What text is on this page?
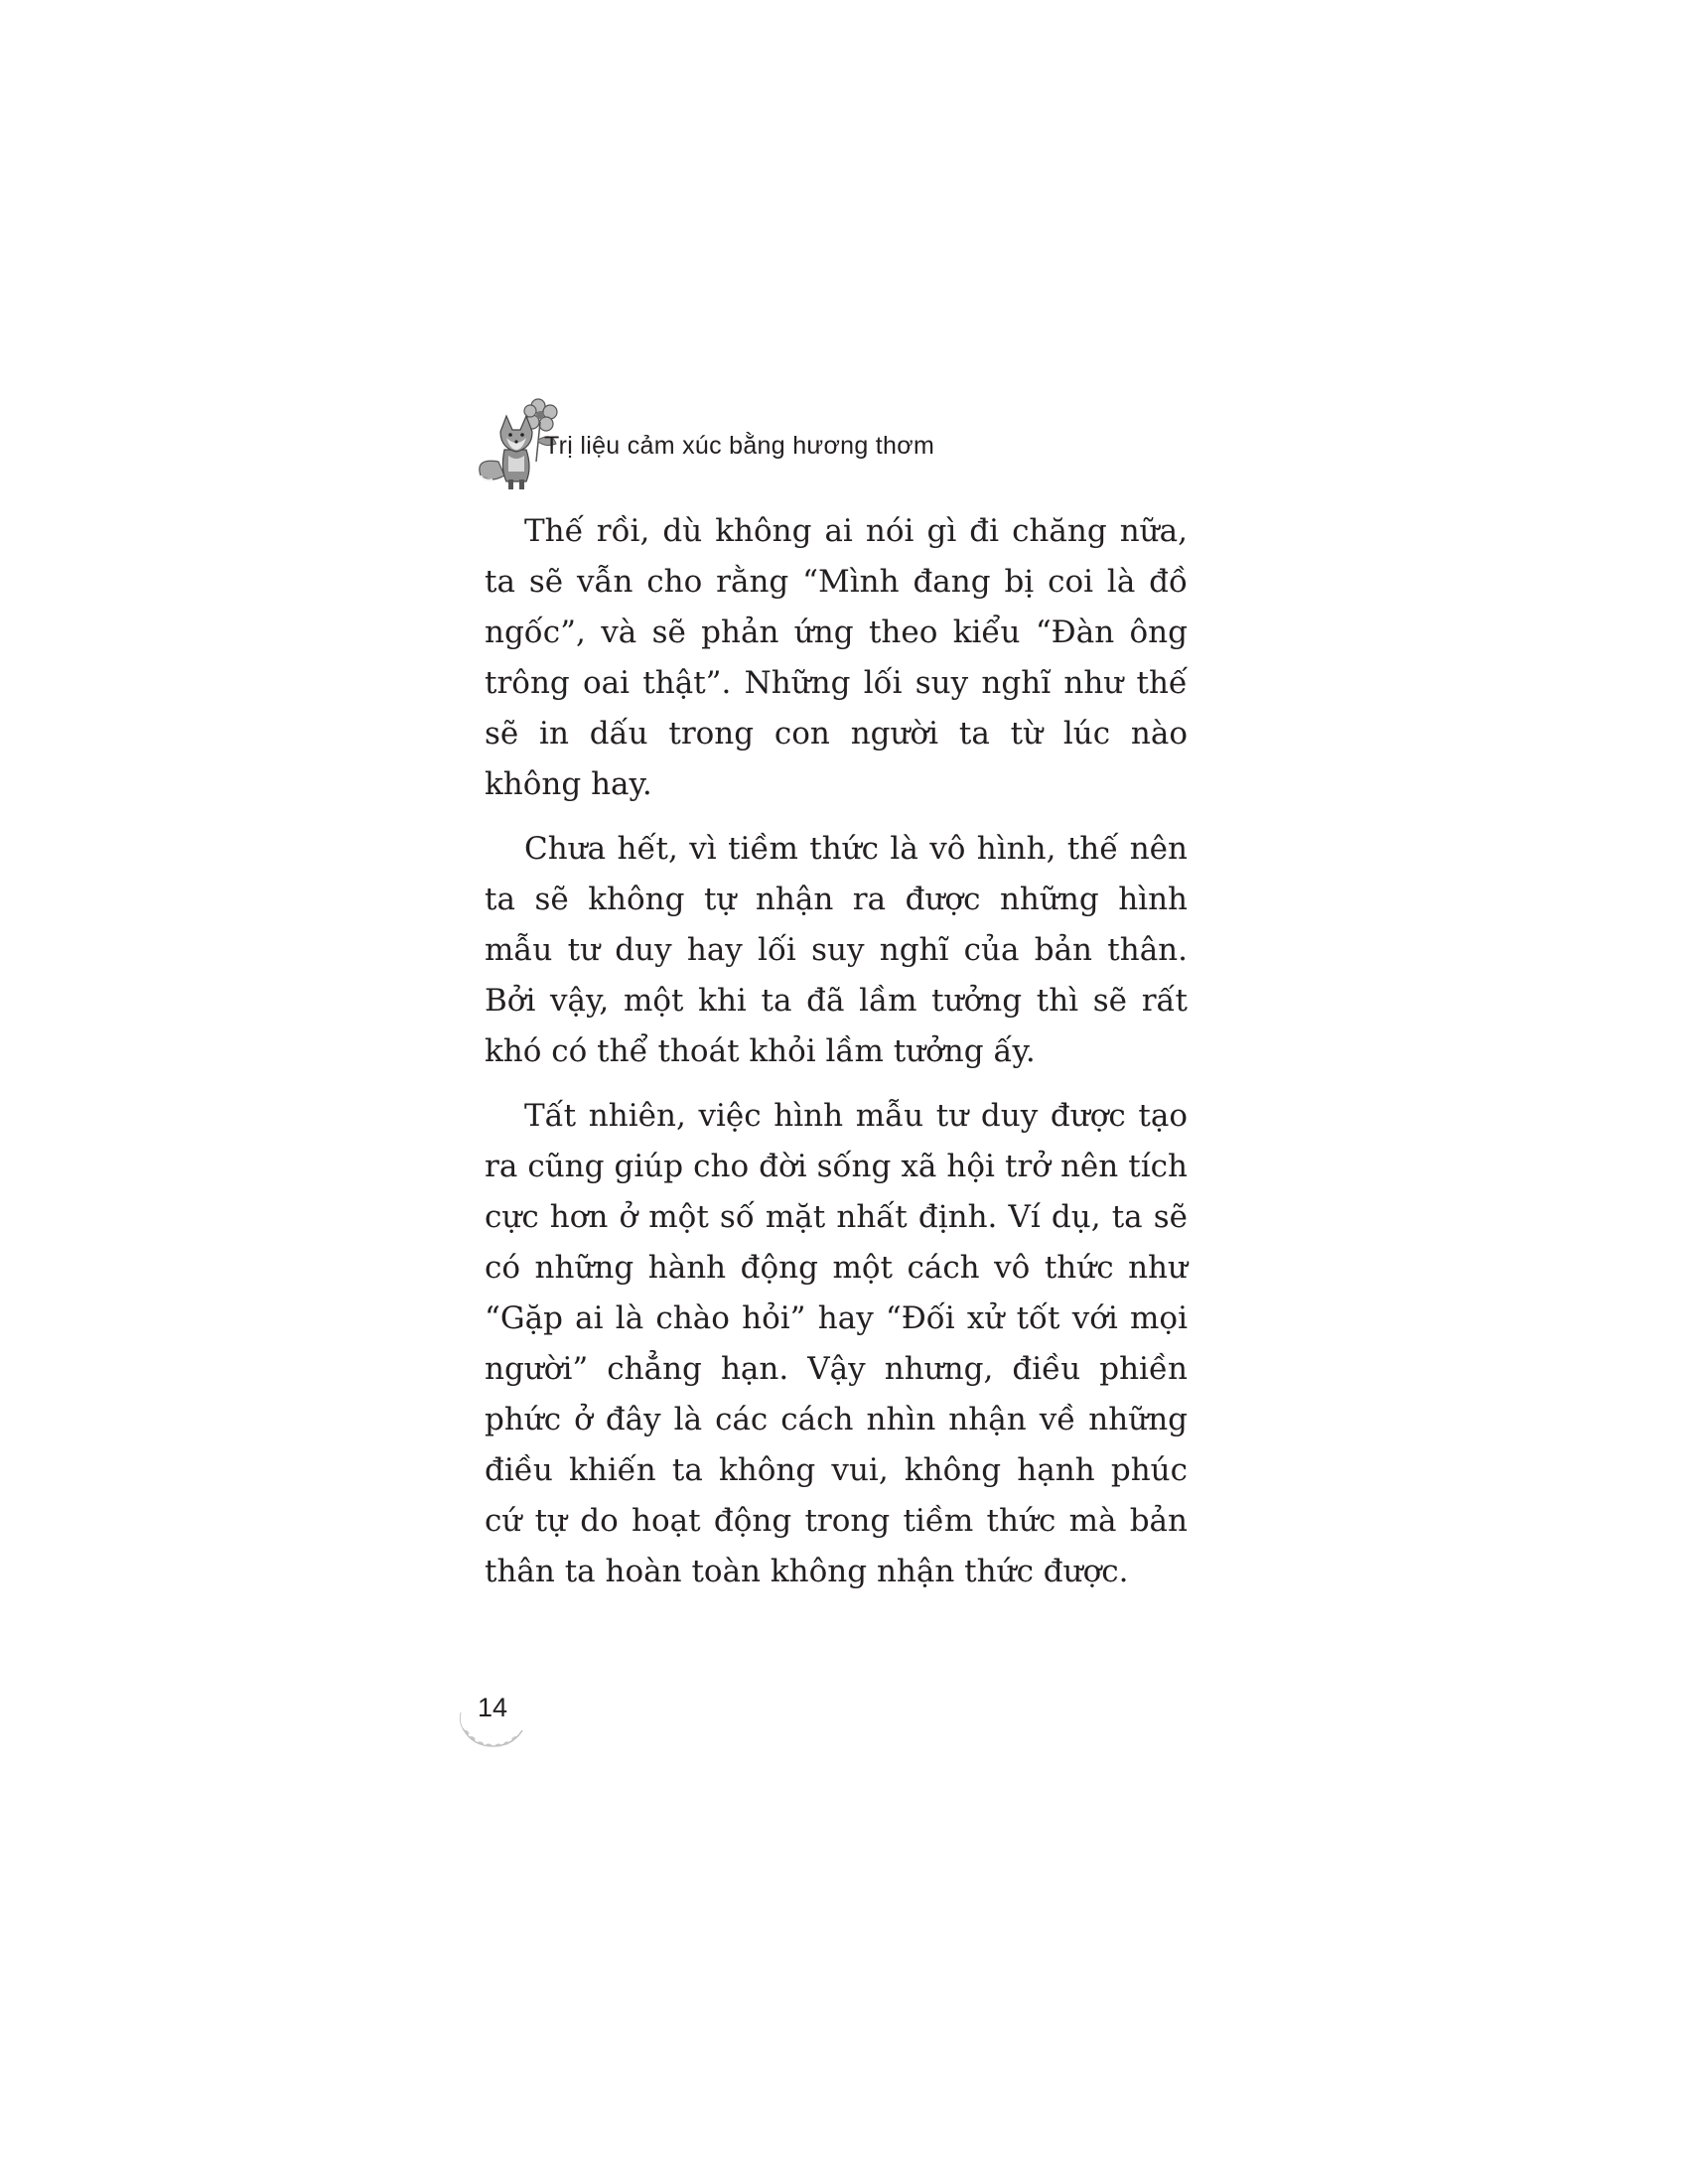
Trị liệu cảm xúc bằng hương thơm

Thế rồi, dù không ai nói gì đi chăng nữa, ta sẽ vẫn cho rằng “Mình đang bị coi là đồ ngốc”, và sẽ phản ứng theo kiểu “Đàn ông trông oai thật”. Những lối suy nghĩ như thế sẽ in dấu trong con người ta từ lúc nào không hay.

Chưa hết, vì tiềm thức là vô hình, thế nên ta sẽ không tự nhận ra được những hình mẫu tư duy hay lối suy nghĩ của bản thân. Bởi vậy, một khi ta đã lầm tưởng thì sẽ rất khó có thể thoát khỏi lầm tưởng ấy.

Tất nhiên, việc hình mẫu tư duy được tạo ra cũng giúp cho đời sống xã hội trở nên tích cực hơn ở một số mặt nhất định. Ví dụ, ta sẽ có những hành động một cách vô thức như “Gặp ai là chào hỏi” hay “Đối xử tốt với mọi người” chẳng hạn. Vậy nhưng, điều phiền phức ở đây là các cách nhìn nhận về những điều khiến ta không vui, không hạnh phúc cứ tự do hoạt động trong tiềm thức mà bản thân ta hoàn toàn không nhận thức được.

14
